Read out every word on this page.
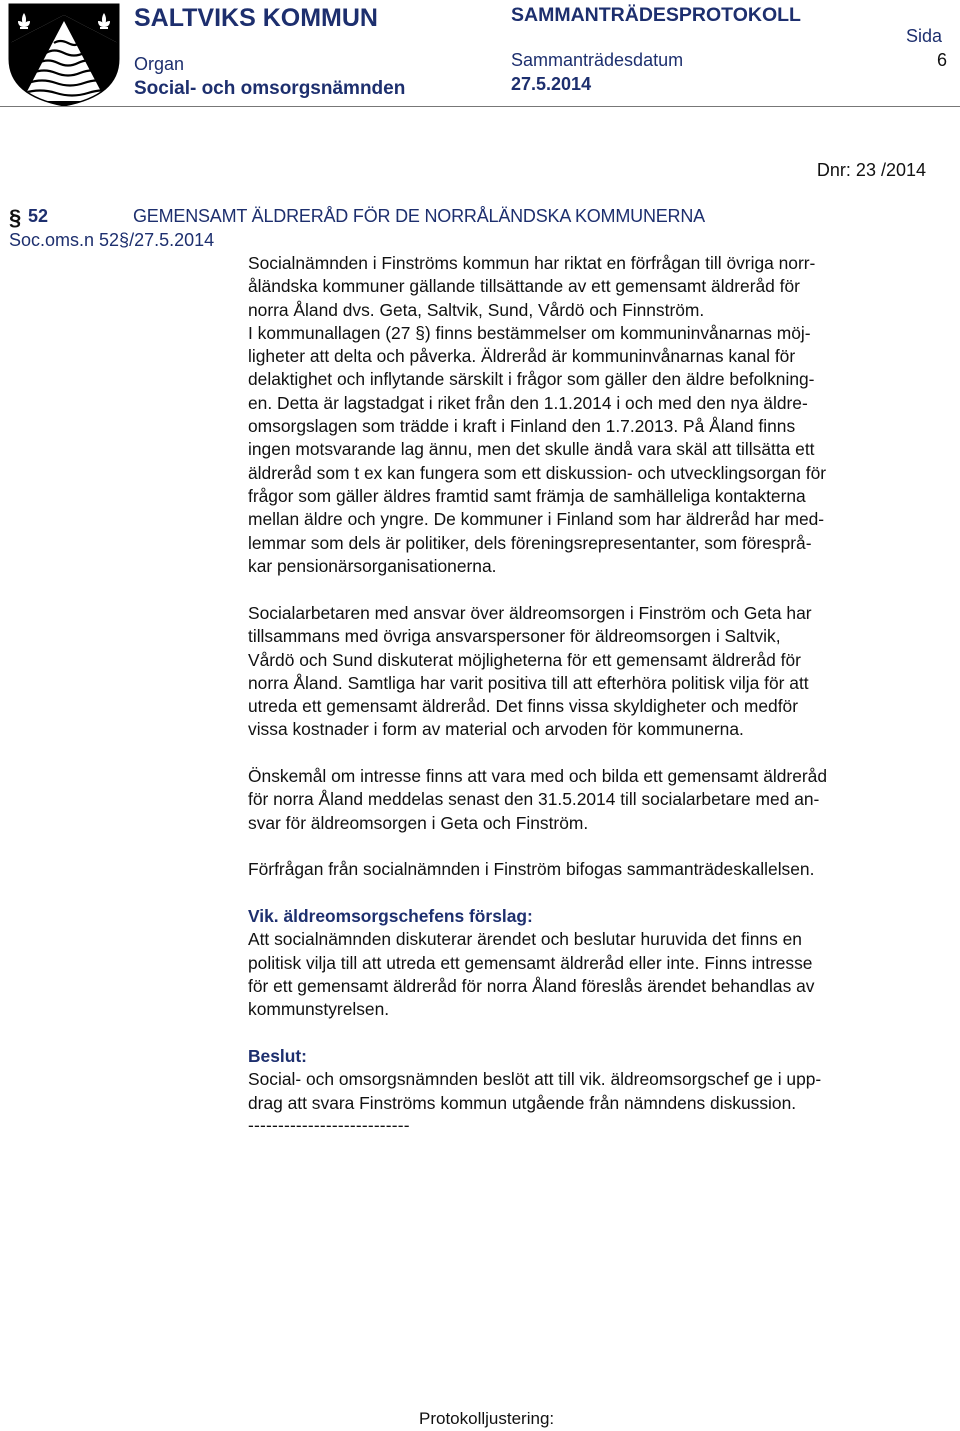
SALTVIKS KOMMUN
Organ
Social- och omsorgsnämnden
SAMMANTRÄDESPROTOKOLL
Sammanträdesdatum
27.5.2014
Sida
6
Dnr: 23 /2014
§ 52	GEMENSAMT ÄLDRERÅD FÖR DE NORRÅLÄNDSKA KOMMUNERNA
Soc.oms.n 52§/27.5.2014
Socialnämnden i Finströms kommun har riktat en förfrågan till övriga norr-
åländska kommuner gällande tillsättande av ett gemensamt äldreråd för
norra Åland dvs. Geta, Saltvik, Sund, Vårdö och Finnström.
I kommunallagen (27 §) finns bestämmelser om kommuninvånarnas möj-
ligheter att delta och påverka. Äldreråd är kommuninvånarnas kanal för
delaktighet och inflytande särskilt i frågor som gäller den äldre befolkning-
en. Detta är lagstadgat i riket från den 1.1.2014 i och med den nya äldre-
omsorgslagen som trädde i kraft i Finland den 1.7.2013. På Åland finns
ingen motsvarande lag ännu, men det skulle ändå vara skäl att tillsätta ett
äldreråd som t ex kan fungera som ett diskussion- och utvecklingsorgan för
frågor som gäller äldres framtid samt främja de samhälleliga kontakterna
mellan äldre och yngre. De kommuner i Finland som har äldreråd har med-
lemmar som dels är politiker, dels föreningsrepresentanter, som föresprå-
kar pensionärsorganisationerna.
Socialarbetaren med ansvar över äldreomsorgen i Finström och Geta har
tillsammans med övriga ansvarspersoner för äldreomsorgen i Saltvik,
Vårdö och Sund diskuterat möjligheterna för ett gemensamt äldreråd för
norra Åland. Samtliga har varit positiva till att efterhöra politisk vilja för att
utreda ett gemensamt äldreråd. Det finns vissa skyldigheter och medför
vissa kostnader i form av material och arvoden för kommunerna.
Önskemål om intresse finns att vara med och bilda ett gemensamt äldreråd
för norra Åland meddelas senast den 31.5.2014 till socialarbetare med an-
svar för äldreomsorgen i Geta och Finström.
Förfrågan från socialnämnden i Finström bifogas sammanträdeskallelsen.
Vik. äldreomsorgschefens förslag:
Att socialnämnden diskuterar ärendet och beslutar huruvida det finns en
politisk vilja till att utreda ett gemensamt äldreråd eller inte. Finns intresse
för ett gemensamt äldreråd för norra Åland föreslås ärendet behandlas av
kommunstyrelsen.
Beslut:
Social- och omsorgsnämnden beslöt att till vik. äldreomsorgschef ge i upp-
drag att svara Finströms kommun utgående från nämndens diskussion.
---------------------------
Protokolljustering:
